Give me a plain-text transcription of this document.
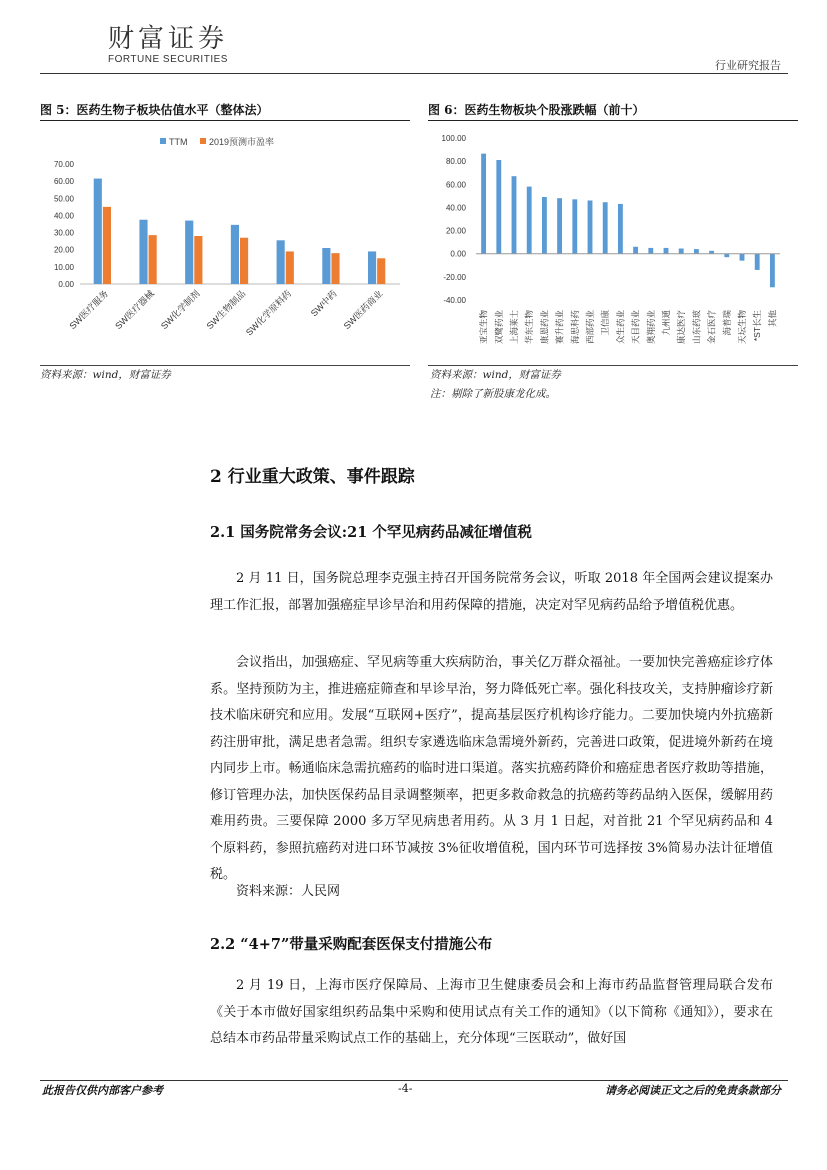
财富证券
FORTUNE SECURITIES	行业研究报告
图 5：医药生物子板块估值水平（整体法）
TTM 2019预测市盈率
0.00
10.00
20.00
30.00
40.00
50.00
60.00
70.00
SW医疗服务 SW医疗器械 SW化学制剂 SW生物制品
SW化学原料药 SW中药 SW医药商业
资料来源：wind，财富证券
图 6：医药生物板块个股涨跌幅（前十）
100.00
80.00
60.00
40.00
20.00
0.00
-20.00
-40.00
亚宝生物 双鹭药业 上海莱士 华东生物 康恩药业 赛升药业 海思科药 西部药业 卫信康 众生药业 天目药业 奥翔药业 九州通 康达医疗 山东药玻 金石医疗 海普瑞 天坛生物 *ST长生 其他
资料来源：wind，财富证券
注：剔除了新股康龙化成。
2 行业重大政策、事件跟踪
2.1 国务院常务会议:21 个罕见病药品减征增值税

2 月 11 日，国务院总理李克强主持召开国务院常务会议，听取 2018 年全国两会建议提案办理工作汇报，部署加强癌症早诊早治和用药保障的措施，决定对罕见病药品给予增值税优惠。

会议指出，加强癌症、罕见病等重大疾病防治，事关亿万群众福祉。一要加快完善癌症诊疗体系。坚持预防为主，推进癌症筛查和早诊早治，努力降低死亡率。强化科技攻关，支持肿瘤诊疗新技术临床研究和应用。发展“互联网+医疗”，提高基层医疗机构诊疗能力。二要加快境内外抗癌新药注册审批，满足患者急需。组织专家遴选临床急需境外新药，完善进口政策，促进境外新药在境内同步上市。畅通临床急需抗癌药的临时进口渠道。落实抗癌药降价和癌症患者医疗救助等措施，修订管理办法，加快医保药品目录调整频率，把更多救命救急的抗癌药等药品纳入医保，缓解用药难用药贵。三要保障 2000 多万罕见病患者用药。从 3 月 1 日起，对首批 21 个罕见病药品和 4 个原料药，参照抗癌药对进口环节减按 3%征收增值税，国内环节可选择按 3%简易办法计征增值税。

资料来源：人民网
2.2 “4+7”带量采购配套医保支付措施公布

2 月 19 日，上海市医疗保障局、上海市卫生健康委员会和上海市药品监督管理局联合发布《关于本市做好国家组织药品集中采购和使用试点有关工作的通知》（以下简称《通知》），要求在总结本市药品带量采购试点工作的基础上，充分体现“三医联动”，做好国

此报告仅供内部客户参考	-4-	请务必阅读正文之后的免责条款部分
